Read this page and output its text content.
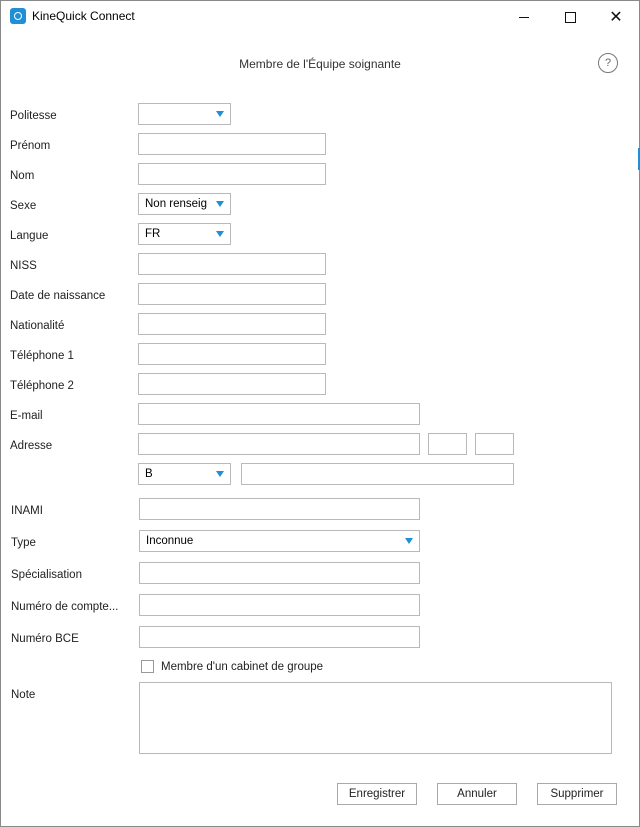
KineQuick Connect	✕
Membre de l'Équipe soignante	?
Politesse
Prénom
Nom
Sexe	Non renseig
Langue	FR
NISS
Date de naissance
Nationalité
Téléphone 1
Téléphone 2
E-mail
Adresse
B
INAMI
Type	Inconnue
Spécialisation
Numéro de compte...
Numéro BCE
Membre d'un cabinet de groupe
Note
Enregistrer	Annuler	Supprimer
